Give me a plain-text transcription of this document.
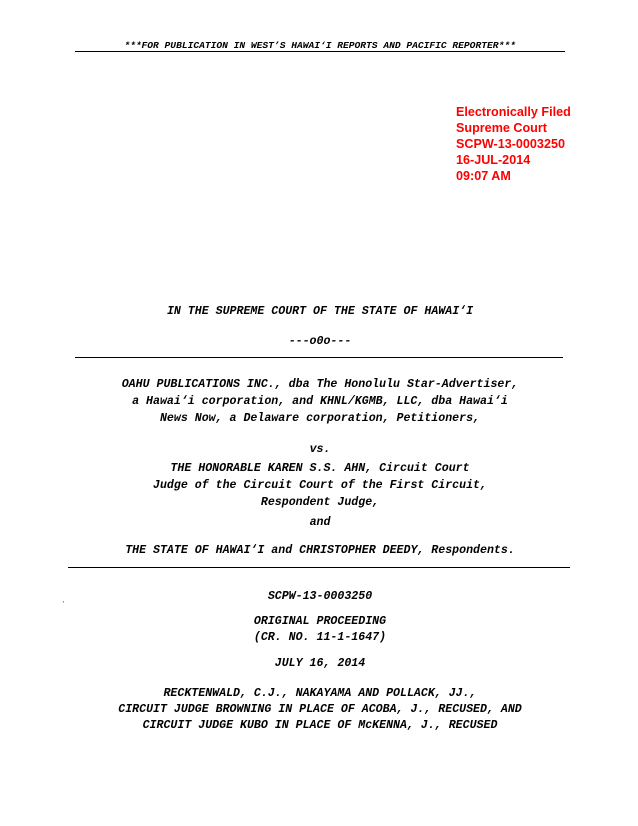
***FOR PUBLICATION IN WEST’S HAWAI‘I REPORTS AND PACIFIC REPORTER***
Electronically Filed
Supreme Court
SCPW-13-0003250
16-JUL-2014
09:07 AM
IN THE SUPREME COURT OF THE STATE OF HAWAI‘I
---o0o---
OAHU PUBLICATIONS INC., dba The Honolulu Star-Advertiser,
a Hawai‘i corporation, and KHNL/KGMB, LLC, dba Hawai‘i
News Now, a Delaware corporation, Petitioners,
vs.
THE HONORABLE KAREN S.S. AHN, Circuit Court
Judge of the Circuit Court of the First Circuit,
Respondent Judge,
and
THE STATE OF HAWAI‘I and CHRISTOPHER DEEDY, Respondents.
·	SCPW-13-0003250
ORIGINAL PROCEEDING
(CR. NO. 11-1-1647)
JULY 16, 2014
RECKTENWALD, C.J., NAKAYAMA AND POLLACK, JJ.,
CIRCUIT JUDGE BROWNING IN PLACE OF ACOBA, J., RECUSED, AND
CIRCUIT JUDGE KUBO IN PLACE OF McKENNA, J., RECUSED
